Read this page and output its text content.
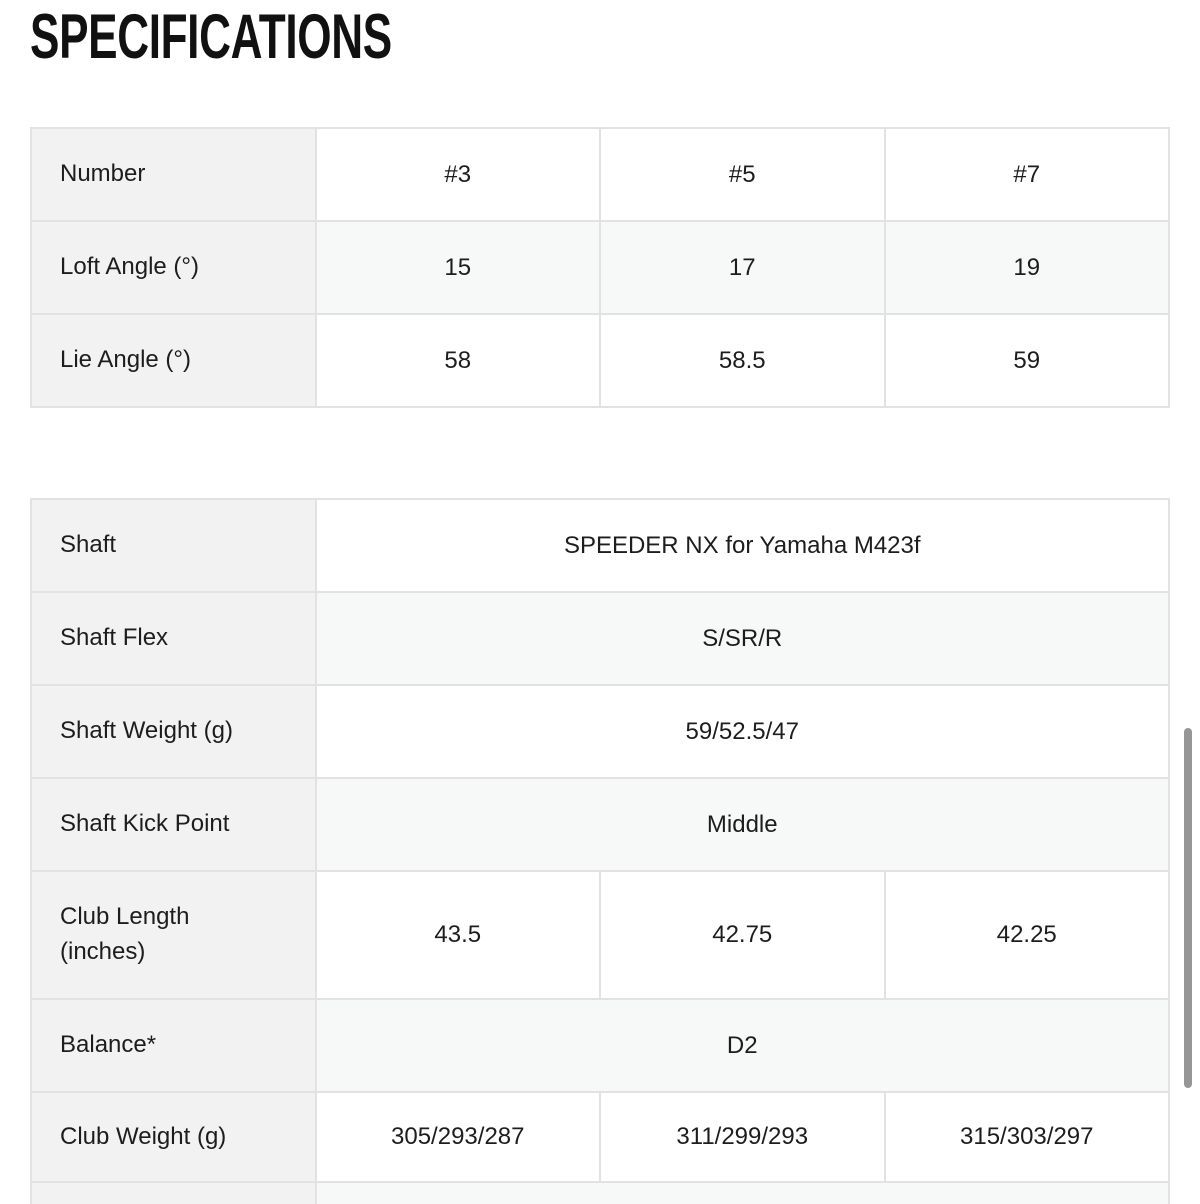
SPECIFICATIONS
Number	#3	#5	#7
Loft Angle (°)	15	17	19
Lie Angle (°)	58	58.5	59
Shaft	SPEEDER NX for Yamaha M423f		
Shaft Flex	S/SR/R		
Shaft Weight (g)	59/52.5/47		
Shaft Kick Point	Middle		
Club Length (inches)	43.5	42.75	42.25
Balance*	D2		
Club Weight (g)	305/293/287	311/299/293	315/303/297
